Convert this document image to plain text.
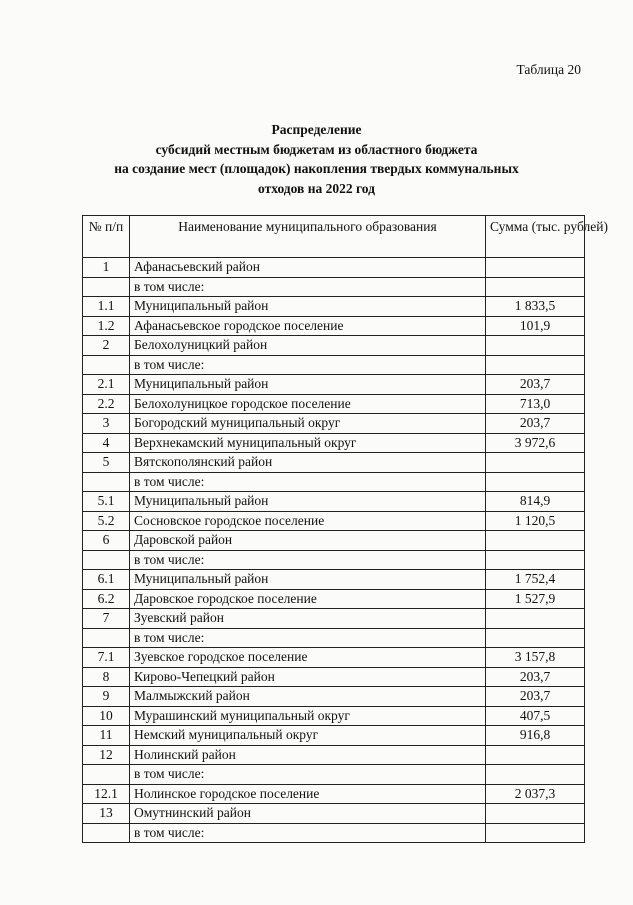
Таблица 20
Распределение
субсидий местным бюджетам из областного бюджета
на создание мест (площадок) накопления твердых коммунальных
отходов на 2022 год
№ п/п	Наименование муниципального образования	Сумма (тыс. рублей)
1	Афанасьевский район	
	в том числе:	
1.1	Муниципальный район	1 833,5
1.2	Афанасьевское городское поселение	101,9
2	Белохолуницкий район	
	в том числе:	
2.1	Муниципальный район	203,7
2.2	Белохолуницкое городское поселение	713,0
3	Богородский муниципальный округ	203,7
4	Верхнекамский муниципальный округ	3 972,6
5	Вятскополянский район	
	в том числе:	
5.1	Муниципальный район	814,9
5.2	Сосновское городское поселение	1 120,5
6	Даровской район	
	в том числе:	
6.1	Муниципальный район	1 752,4
6.2	Даровское городское поселение	1 527,9
7	Зуевский район	
	в том числе:	
7.1	Зуевское городское поселение	3 157,8
8	Кирово-Чепецкий район	203,7
9	Малмыжский район	203,7
10	Мурашинский муниципальный округ	407,5
11	Немский муниципальный округ	916,8
12	Нолинский район	
	в том числе:	
12.1	Нолинское городское поселение	2 037,3
13	Омутнинский район	
	в том числе:	
